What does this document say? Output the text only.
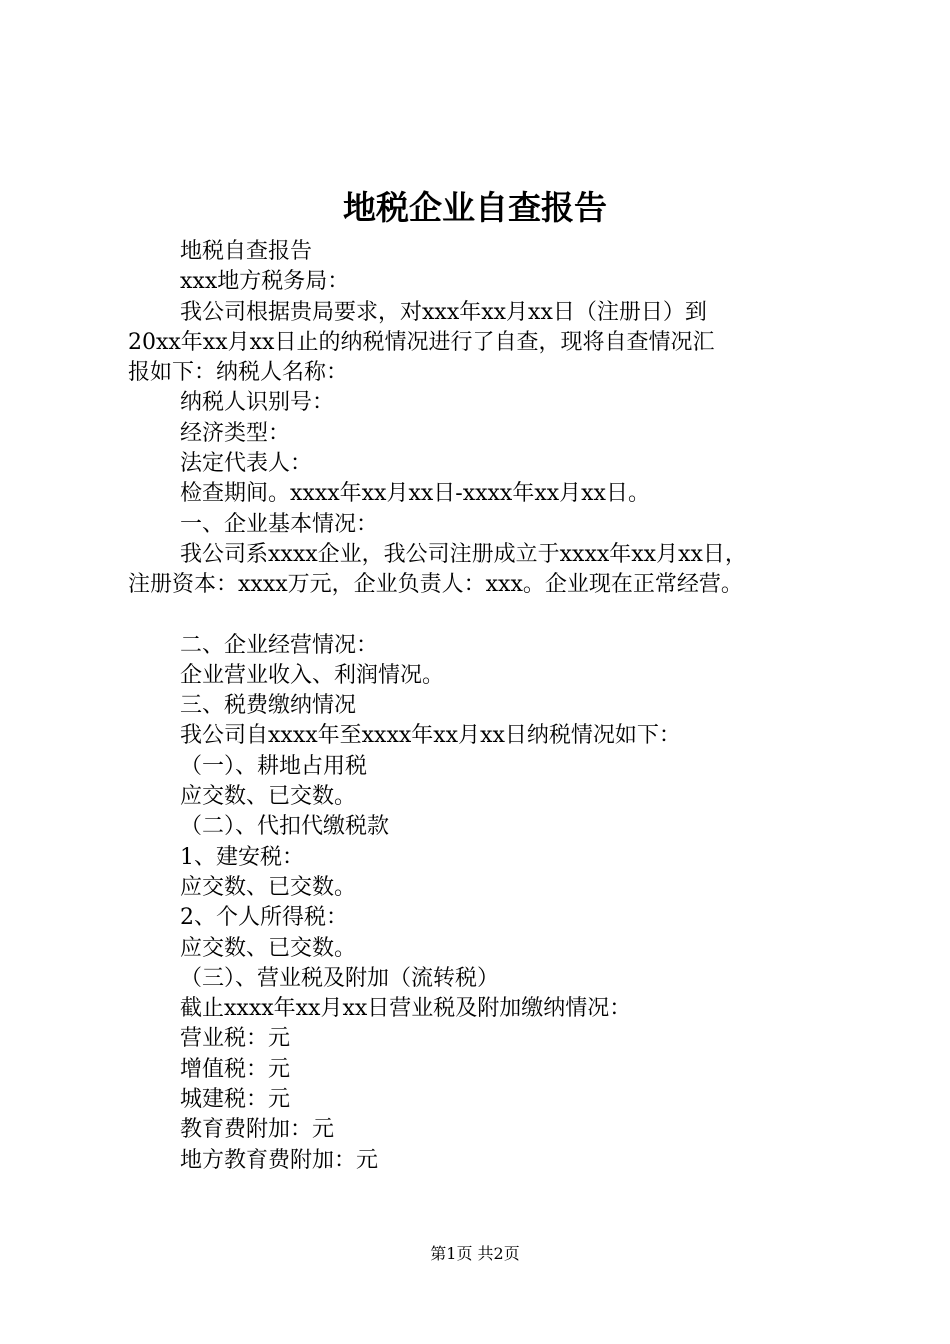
地税企业自查报告
地税自查报告
xxx地方税务局：
我公司根据贵局要求，对xxx年xx月xx日（注册日）到
20xx年xx月xx日止的纳税情况进行了自查，现将自查情况汇
报如下：纳税人名称：
纳税人识别号：
经济类型：
法定代表人：
检查期间。xxxx年xx月xx日-xxxx年xx月xx日。
一、企业基本情况：
我公司系xxxx企业，我公司注册成立于xxxx年xx月xx日，
注册资本：xxxx万元，企业负责人：xxx。企业现在正常经营。
二、企业经营情况：
企业营业收入、利润情况。
三、税费缴纳情况
我公司自xxxx年至xxxx年xx月xx日纳税情况如下：
（一）、耕地占用税
应交数、已交数。
（二）、代扣代缴税款
1、建安税：
应交数、已交数。
2、个人所得税：
应交数、已交数。
（三）、营业税及附加（流转税）
截止xxxx年xx月xx日营业税及附加缴纳情况：
营业税：元
增值税：元
城建税：元
教育费附加：元
地方教育费附加：元
第1页 共2页
